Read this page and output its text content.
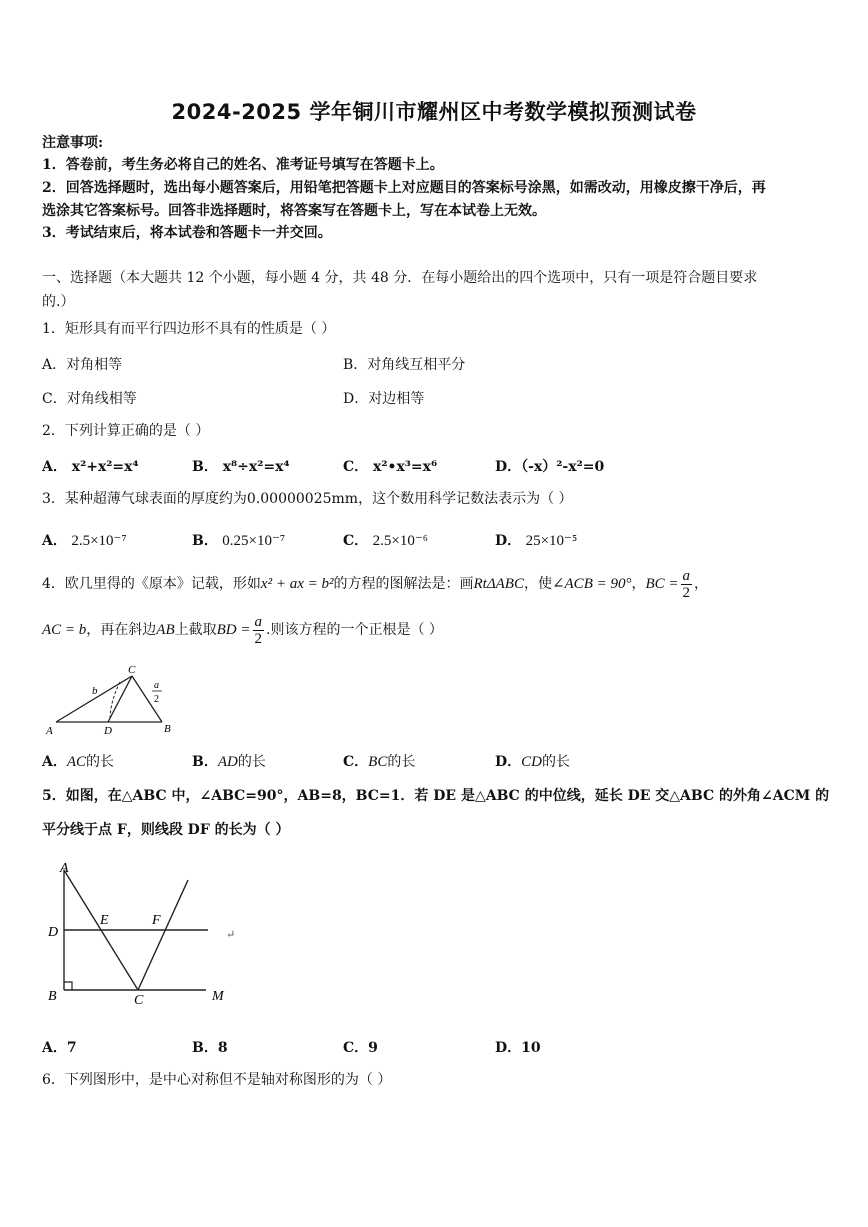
2024-2025 学年铜川市耀州区中考数学模拟预测试卷
注意事项:
1．答卷前，考生务必将自己的姓名、准考证号填写在答题卡上。
2．回答选择题时，选出每小题答案后，用铅笔把答题卡上对应题目的答案标号涂黑，如需改动，用橡皮擦干净后，再
选涂其它答案标号。回答非选择题时，将答案写在答题卡上，写在本试卷上无效。
3．考试结束后，将本试卷和答题卡一并交回。
一、选择题（本大题共 12 个小题，每小题 4 分，共 48 分．在每小题给出的四个选项中，只有一项是符合题目要求
的.）
1．矩形具有而平行四边形不具有的性质是（ ）
A．对角相等	B．对角线互相平分
C．对角线相等	D．对边相等
2．下列计算正确的是（ ）
A． x²+x²=x⁴	B． x⁸÷x²=x⁴	C． x²•x³=x⁶	D．（-x）²-x²=0
3．某种超薄气球表面的厚度约为0.00000025mm，这个数用科学记数法表示为（ ）
A． 2.5×10⁻⁷	B． 0.25×10⁻⁷	C． 2.5×10⁻⁶	D． 25×10⁻⁵
4．欧几里得的《原本》记载，形如x² + ax = b²的方程的图解法是：画RtΔABC，使∠ACB = 90°，BC = $\frac{a}{2}$ ，
AC = b，再在斜边AB上截取BD = $\frac{a}{2}$ .则该方程的一个正根是（ ）
C
A	D	B
b	a
2
A．AC的长	B．AD的长	C．BC的长	D．CD的长
5．如图，在△ABC 中，∠ABC=90°，AB=8，BC=1．若 DE 是△ABC 的中位线，延长 DE 交△ABC 的外角∠ACM 的
平分线于点 F，则线段 DF 的长为（ ）
A
D
B
E	F
C	M
↵
A．7	B．8	C．9	D．10
6．下列图形中，是中心对称但不是轴对称图形的为（ ）
